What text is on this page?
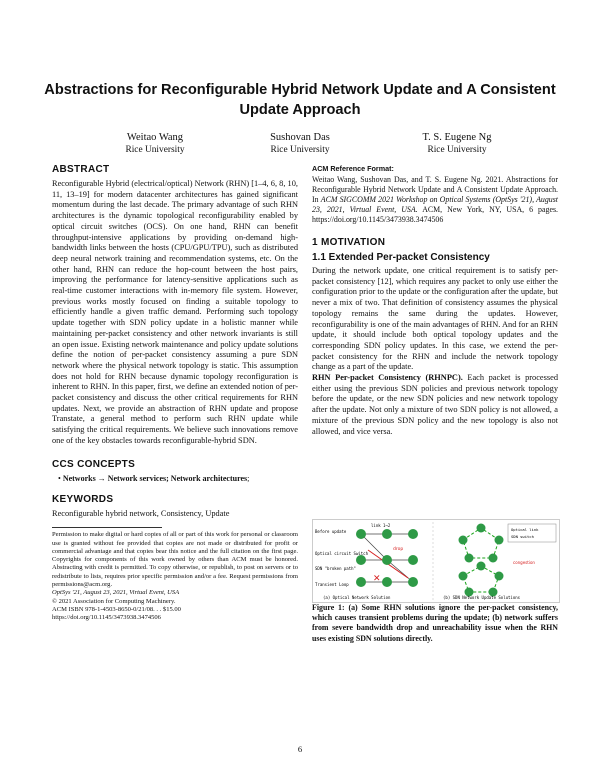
Abstractions for Reconfigurable Hybrid Network Update and A Consistent Update Approach
Weitao Wang
Rice University
Sushovan Das
Rice University
T. S. Eugene Ng
Rice University
ABSTRACT

Reconfigurable Hybrid (electrical/optical) Network (RHN) [1–4, 6, 8, 10, 11, 13–19] for modern datacenter architectures has gained significant momentum during the last decade. The primary advantage of such RHN architectures is the dynamic topological reconfigurability enabled by optical circuit switches (OCS). On one hand, RHN can benefit throughput-intensive applications by providing on-demand high-bandwidth links between the hosts (CPU/GPU/TPU), such as distributed deep neural network training and recommendation systems, etc. On the other hand, RHN can reduce the hop-count between the host pairs, improving the performance for latency-sensitive applications such as real-time customer interactions with in-memory file system. However, previous works mostly focused on finding a suitable topology to efficiently handle a given traffic demand. Performing such topology update together with SDN policy update in a holistic manner while maintaining per-packet consistency and other network invariants is still an open issue. Existing network maintenance and policy update solutions define the notion of per-packet consistency assuming a pure SDN network where the physical network topology is static. This assumption does not hold for RHN because dynamic topology reconfiguration is inherent to RHN. In this paper, first, we define an extended notion of per-packet consistency and discuss the other critical requirements for RHN updates. Next, we provide an abstraction of RHN update and propose Transtate, a general method to perform such RHN update while satisfying the critical requirements. We believe such innovations remove one of the key obstacles towards reconfigurable-hybrid SDN.

CCS CONCEPTS
• Networks → Network services; Network architectures;
KEYWORDS

Reconfigurable hybrid network, Consistency, Update

Permission to make digital or hard copies of all or part of this work for personal or classroom use is granted without fee provided that copies are not made or distributed for profit or commercial advantage and that copies bear this notice and the full citation on the first page. Copyrights for components of this work owned by others than ACM must be honored. Abstracting with credit is permitted. To copy otherwise, or republish, to post on servers or to redistribute to lists, requires prior specific permission and/or a fee. Request permissions from permissions@acm.org.

OptSys '21, August 23, 2021, Virtual Event, USA
© 2021 Association for Computing Machinery.
ACM ISBN 978-1-4503-8650-0/21/08. . . $15.00
https://doi.org/10.1145/3473938.3474506
ACM Reference Format:

Weitao Wang, Sushovan Das, and T. S. Eugene Ng. 2021. Abstractions for Reconfigurable Hybrid Network Update and A Consistent Update Approach. In ACM SIGCOMM 2021 Workshop on Optical Systems (OptSys '21), August 23, 2021, Virtual Event, USA. ACM, New York, NY, USA, 6 pages. https://doi.org/10.1145/3473938.3474506

1 MOTIVATION
1.1 Extended Per-packet Consistency

During the network update, one critical requirement is to satisfy per-packet consistency [12], which requires any packet to only use either the configuration prior to the update or the configuration after the update, but never a mix of two. That definition of consistency assumes the physical topology remains the same during the updates. However, reconfigurability is one of the main advantages of RHN. And for an RHN update, it should include both optical topology updates and the corresponding SDN policy updates. In this case, we extend the per-packet consistency for the RHN and include the network topology change as a part of the update.

RHN Per-packet Consistency (RHNPC). Each packet is processed either using the previous SDN policies and previous network topology before the update, or the new SDN policies and new network topology after the update. Not only a mixture of two SDN policy is not allowed, a mixture of the previous SDN policy and the new topology is also not allowed, and vice versa.

✕
Before update
Optical circuit Switch
SDN "broken path"
Transient Loop
drop
link 1→2
(a) Optical Network Solution
Optical link
SDN switch
congestion
(b) SDN Network Update Solutions

Figure 1: (a) Some RHN solutions ignore the per-packet consistency, which causes transient problems during the update; (b) network suffers from severe bandwidth drop and unreachability issue when the RHN uses existing SDN solutions directly.

6
